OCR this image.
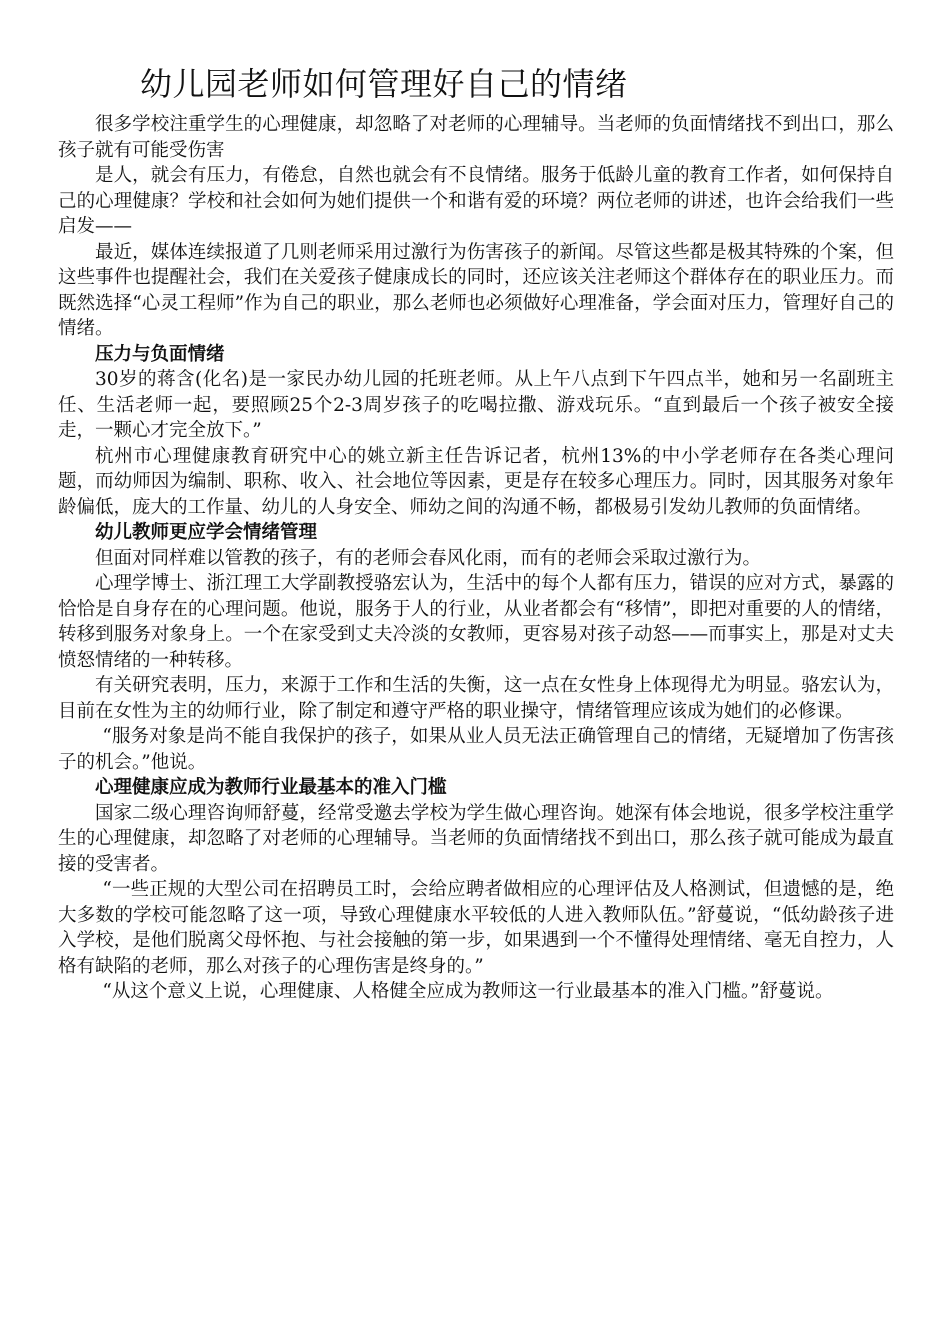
幼儿园老师如何管理好自己的情绪

很多学校注重学生的心理健康，却忽略了对老师的心理辅导。当老师的负面情绪找不到出口，那么孩子就有可能受伤害

是人，就会有压力，有倦怠，自然也就会有不良情绪。服务于低龄儿童的教育工作者，如何保持自己的心理健康？学校和社会如何为她们提供一个和谐有爱的环境？两位老师的讲述，也许会给我们一些启发——

最近，媒体连续报道了几则老师采用过激行为伤害孩子的新闻。尽管这些都是极其特殊的个案，但这些事件也提醒社会，我们在关爱孩子健康成长的同时，还应该关注老师这个群体存在的职业压力。而既然选择“心灵工程师”作为自己的职业，那么老师也必须做好心理准备，学会面对压力，管理好自己的情绪。

压力与负面情绪

30岁的蒋含(化名)是一家民办幼儿园的托班老师。从上午八点到下午四点半，她和另一名副班主任、生活老师一起，要照顾25个2-3周岁孩子的吃喝拉撒、游戏玩乐。“直到最后一个孩子被安全接走，一颗心才完全放下。”

杭州市心理健康教育研究中心的姚立新主任告诉记者，杭州13%的中小学老师存在各类心理问题，而幼师因为编制、职称、收入、社会地位等因素，更是存在较多心理压力。同时，因其服务对象年龄偏低，庞大的工作量、幼儿的人身安全、师幼之间的沟通不畅，都极易引发幼儿教师的负面情绪。

幼儿教师更应学会情绪管理

但面对同样难以管教的孩子，有的老师会春风化雨，而有的老师会采取过激行为。

心理学博士、浙江理工大学副教授骆宏认为，生活中的每个人都有压力，错误的应对方式，暴露的恰恰是自身存在的心理问题。他说，服务于人的行业，从业者都会有“移情”，即把对重要的人的情绪，转移到服务对象身上。一个在家受到丈夫冷淡的女教师，更容易对孩子动怒——而事实上，那是对丈夫愤怒情绪的一种转移。

有关研究表明，压力，来源于工作和生活的失衡，这一点在女性身上体现得尤为明显。骆宏认为，目前在女性为主的幼师行业，除了制定和遵守严格的职业操守，情绪管理应该成为她们的必修课。

“服务对象是尚不能自我保护的孩子，如果从业人员无法正确管理自己的情绪，无疑增加了伤害孩子的机会。”他说。

心理健康应成为教师行业最基本的准入门槛

国家二级心理咨询师舒蔓，经常受邀去学校为学生做心理咨询。她深有体会地说，很多学校注重学生的心理健康，却忽略了对老师的心理辅导。当老师的负面情绪找不到出口，那么孩子就可能成为最直接的受害者。

“一些正规的大型公司在招聘员工时，会给应聘者做相应的心理评估及人格测试，但遗憾的是，绝大多数的学校可能忽略了这一项，导致心理健康水平较低的人进入教师队伍。”舒蔓说，“低幼龄孩子进入学校，是他们脱离父母怀抱、与社会接触的第一步，如果遇到一个不懂得处理情绪、毫无自控力，人格有缺陷的老师，那么对孩子的心理伤害是终身的。”

“从这个意义上说，心理健康、人格健全应成为教师这一行业最基本的准入门槛。”舒蔓说。
